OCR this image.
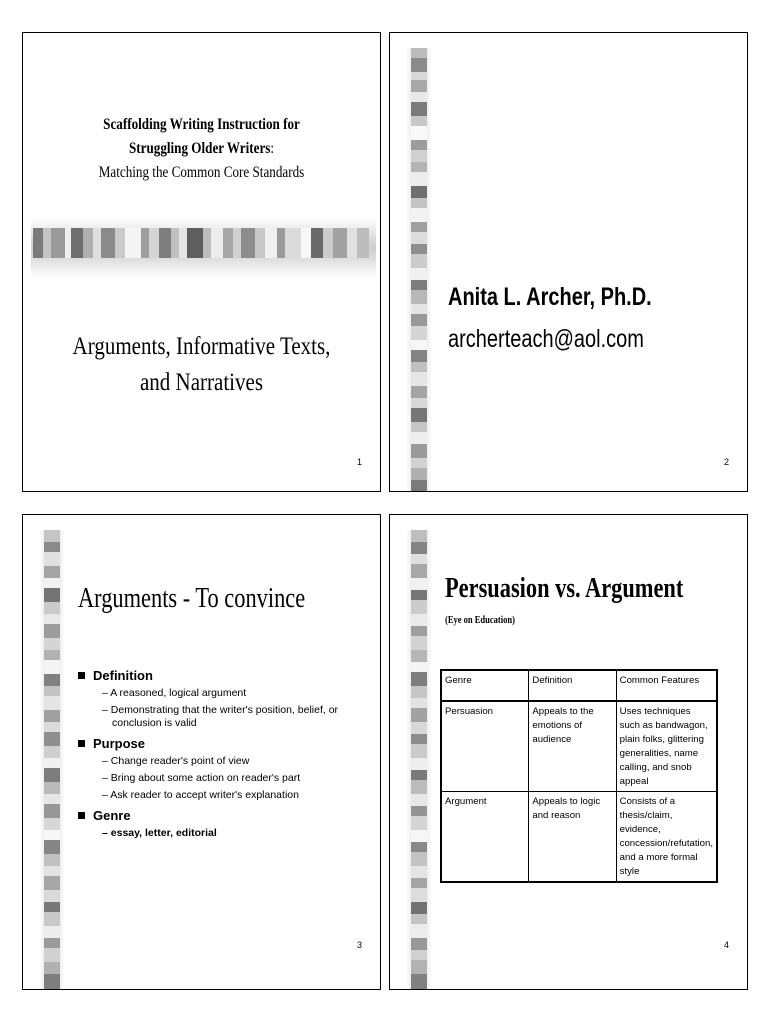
Scaffolding Writing Instruction for
Struggling Older Writers:
Matching the Common Core Standards
Arguments, Informative Texts,
and Narratives
1
Anita L. Archer, Ph.D.
archerteach@aol.com
2
Arguments - To convince
Definition
– A reasoned, logical argument
– Demonstrating that the writer's position, belief, or conclusion is valid
Purpose
– Change reader's point of view
– Bring about some action on reader's part
– Ask reader to accept writer's explanation
Genre
– essay, letter, editorial
3
Persuasion vs. Argument
(Eye on Education)
Genre	Definition	Common Features
Persuasion	Appeals to the emotions of audience	Uses techniques such as bandwagon, plain folks, glittering generalities, name calling, and snob appeal
Argument	Appeals to logic and reason	Consists of a thesis/claim, evidence, concession/refutation, and a more formal style
4
